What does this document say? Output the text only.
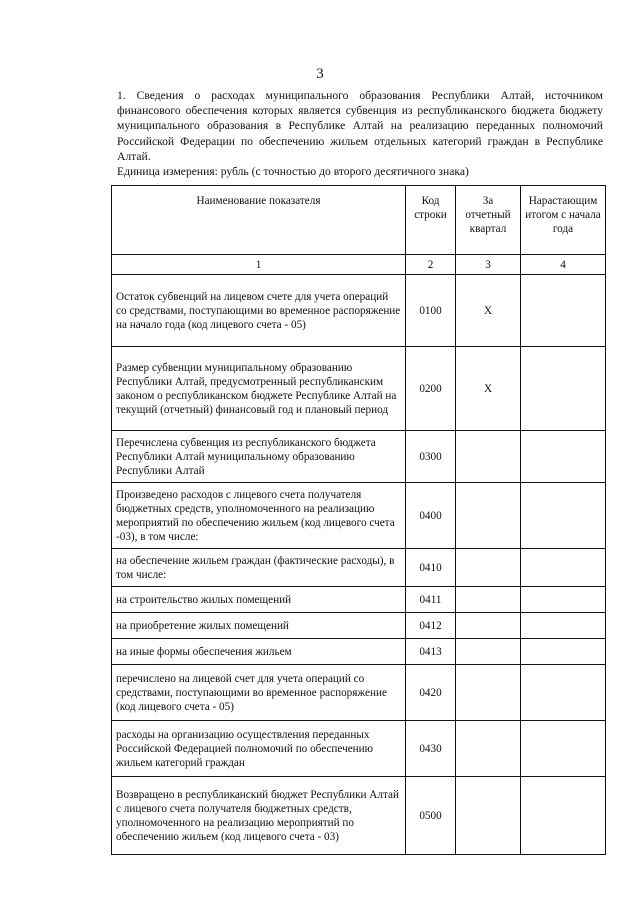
3

1. Сведения о расходах муниципального образования Республики Алтай, источником финансового обеспечения которых является субвенция из республиканского бюджета бюджету муниципального образования в Республике Алтай на реализацию переданных полномочий Российской Федерации по обеспечению жильем отдельных категорий граждан в Республике Алтай.

Единица измерения: рубль (с точностью до второго десятичного знака)

Наименование показателя	Код строки	За отчетный квартал	Нарастающим итогом с начала года
1	2	3	4
Остаток субвенций на лицевом счете для учета операций со средствами, поступающими во временное распоряжение на начало года (код лицевого счета - 05)	0100	X	
Размер субвенции муниципальному образованию Республики Алтай, предусмотренный республиканским законом о республиканском бюджете Республике Алтай на текущий (отчетный) финансовый год и плановый период	0200	X	
Перечислена субвенция из республиканского бюджета Республики Алтай муниципальному образованию Республики Алтай	0300		
Произведено расходов с лицевого счета получателя бюджетных средств, уполномоченного на реализацию мероприятий по обеспечению жильем (код лицевого счета -03), в том числе:	0400		
на обеспечение жильем граждан (фактические расходы), в том числе:	0410		
на строительство жилых помещений	0411		
на приобретение жилых помещений	0412		
на иные формы обеспечения жильем	0413		
перечислено на лицевой счет для учета операций со средствами, поступающими во временное распоряжение (код лицевого счета - 05)	0420		
расходы на организацию осуществления переданных Российской Федерацией полномочий по обеспечению жильем категорий граждан	0430		
Возвращено в республиканский бюджет Республики Алтай с лицевого счета получателя бюджетных средств, уполномоченного на реализацию мероприятий по обеспечению жильем (код лицевого счета - 03)	0500		
